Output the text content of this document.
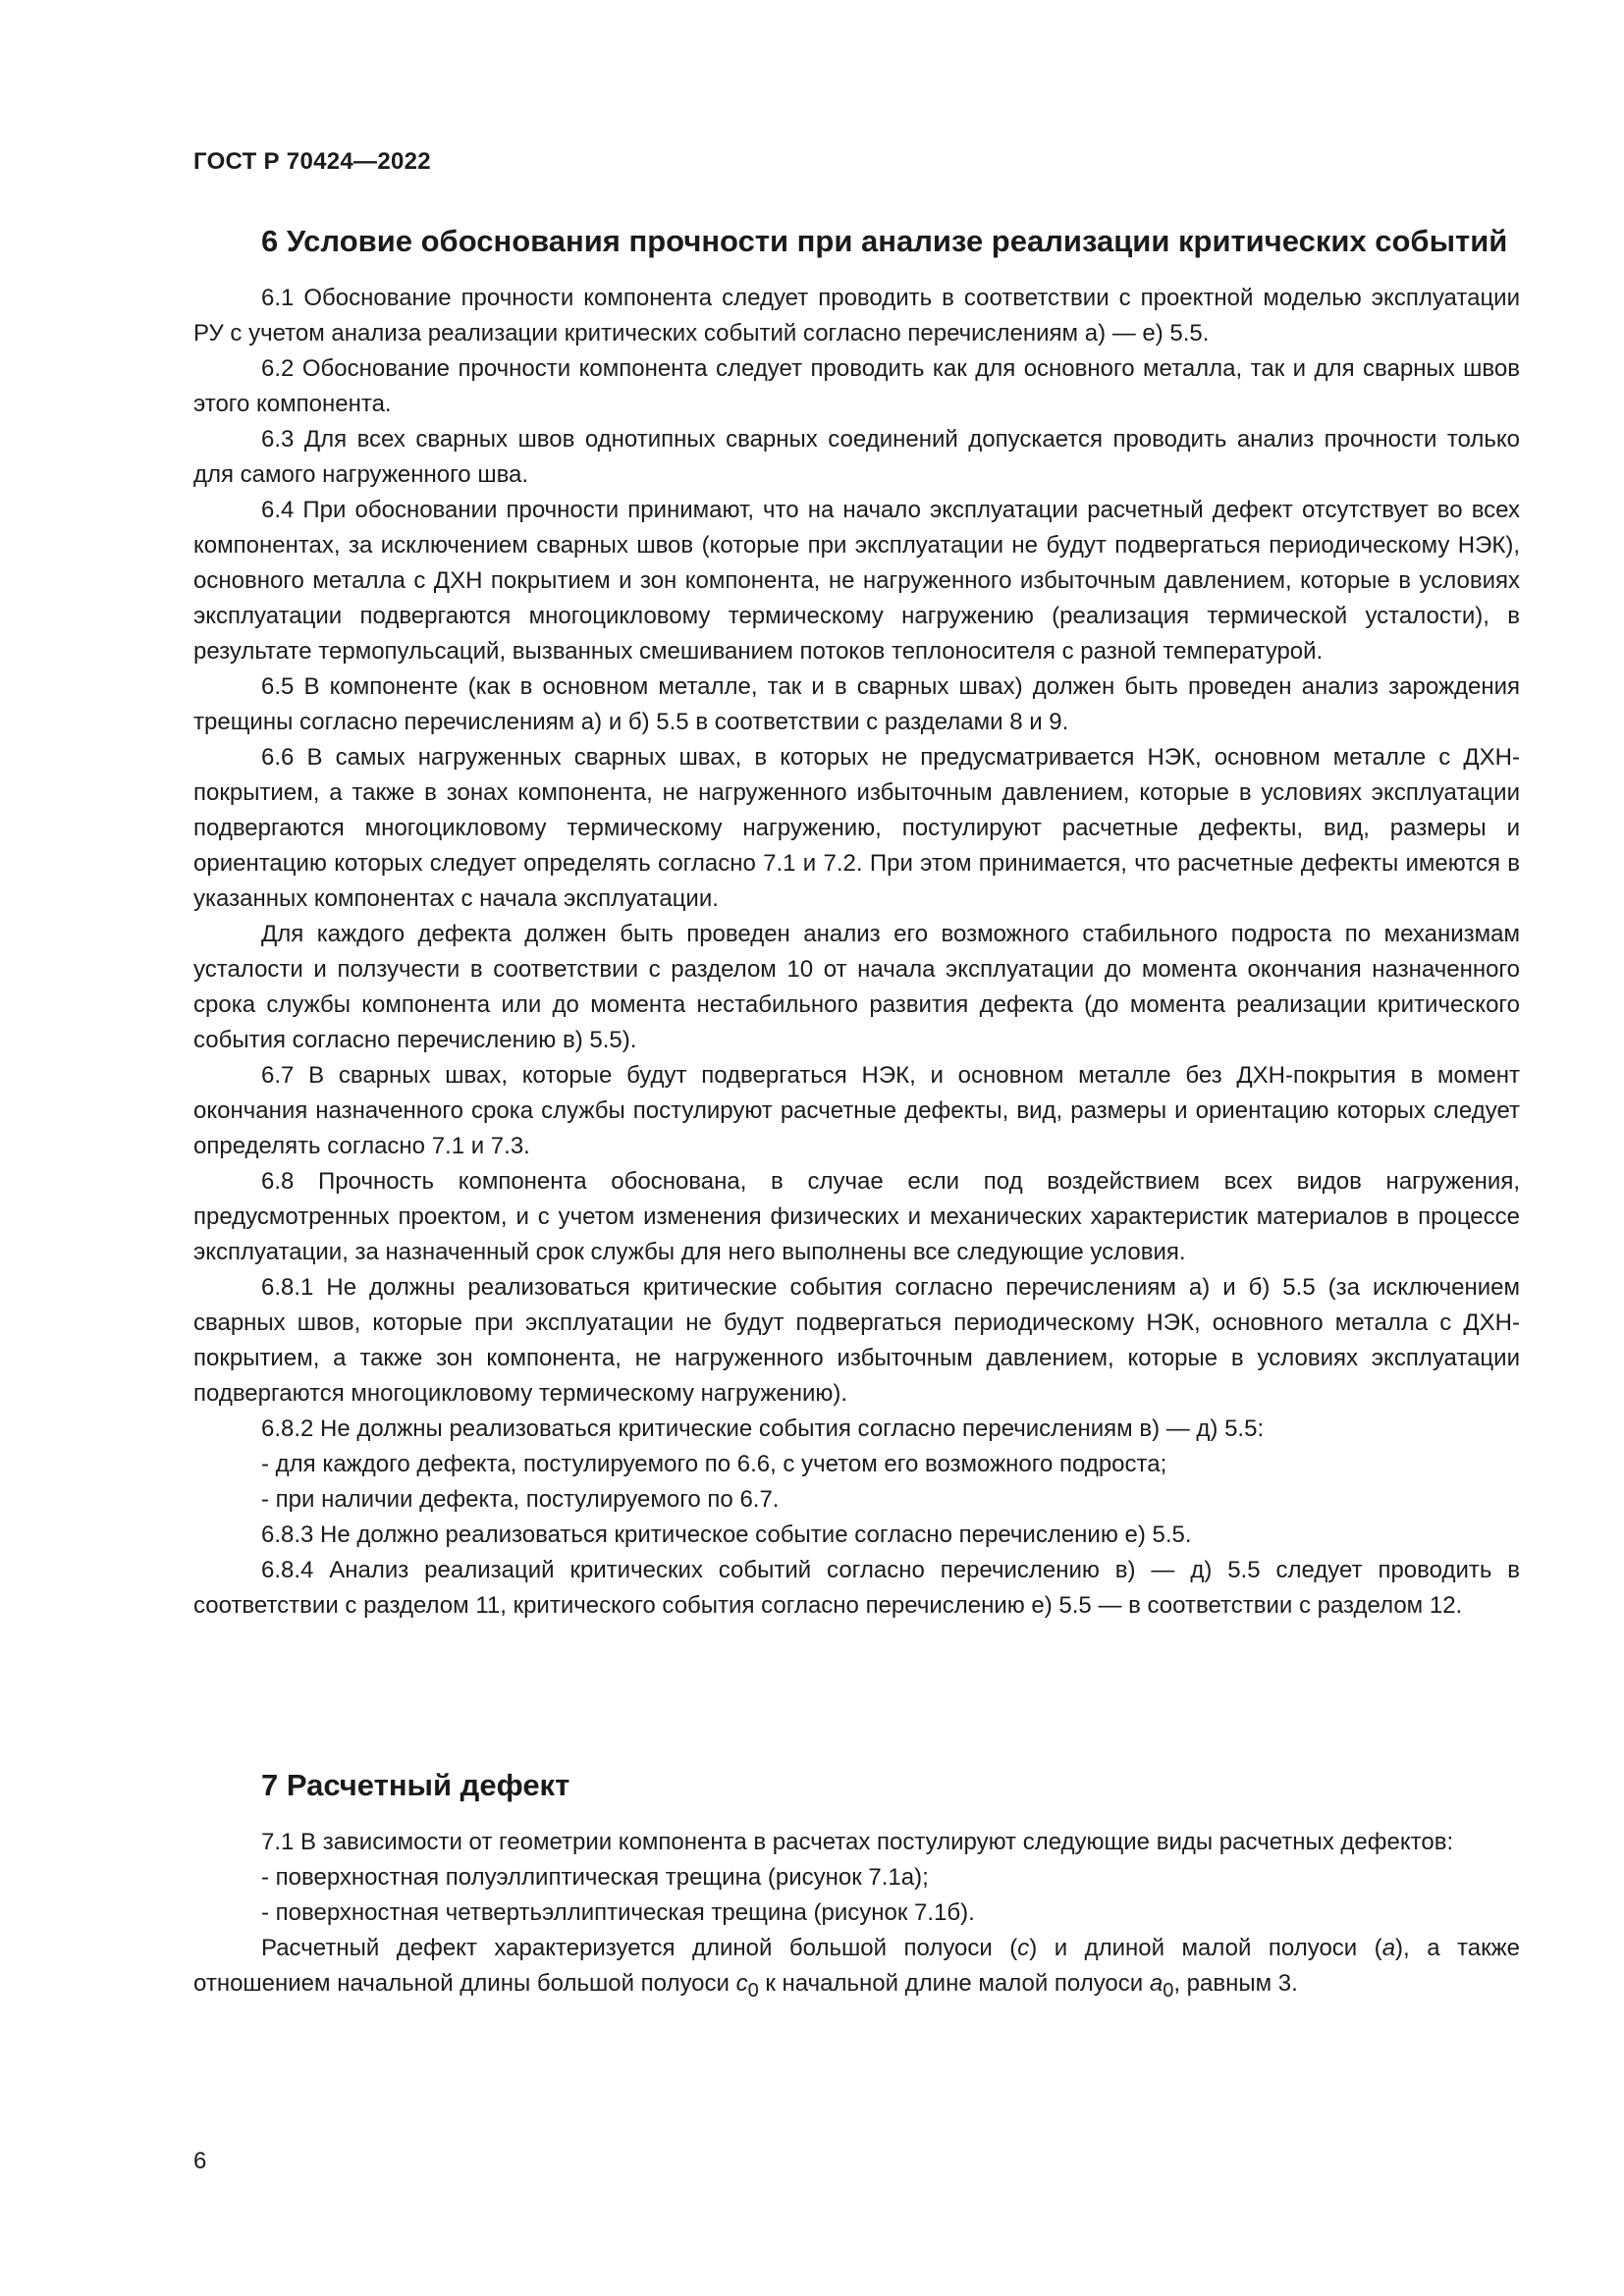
ГОСТ Р 70424—2022
6 Условие обоснования прочности при анализе реализации критических событий

6.1 Обоснование прочности компонента следует проводить в соответствии с проектной моделью эксплуатации РУ с учетом анализа реализации критических событий согласно перечислениям а) — е) 5.5.

6.2 Обоснование прочности компонента следует проводить как для основного металла, так и для сварных швов этого компонента.

6.3 Для всех сварных швов однотипных сварных соединений допускается проводить анализ прочности только для самого нагруженного шва.

6.4 При обосновании прочности принимают, что на начало эксплуатации расчетный дефект отсутствует во всех компонентах, за исключением сварных швов (которые при эксплуатации не будут подвергаться периодическому НЭК), основного металла с ДХН покрытием и зон компонента, не нагруженного избыточным давлением, которые в условиях эксплуатации подвергаются многоцикловому термическому нагружению (реализация термической усталости), в результате термопульсаций, вызванных смешиванием потоков теплоносителя с разной температурой.

6.5 В компоненте (как в основном металле, так и в сварных швах) должен быть проведен анализ зарождения трещины согласно перечислениям а) и б) 5.5 в соответствии с разделами 8 и 9.

6.6 В самых нагруженных сварных швах, в которых не предусматривается НЭК, основном металле с ДХН-покрытием, а также в зонах компонента, не нагруженного избыточным давлением, которые в условиях эксплуатации подвергаются многоцикловому термическому нагружению, постулируют расчетные дефекты, вид, размеры и ориентацию которых следует определять согласно 7.1 и 7.2. При этом принимается, что расчетные дефекты имеются в указанных компонентах с начала эксплуатации.

Для каждого дефекта должен быть проведен анализ его возможного стабильного подроста по механизмам усталости и ползучести в соответствии с разделом 10 от начала эксплуатации до момента окончания назначенного срока службы компонента или до момента нестабильного развития дефекта (до момента реализации критического события согласно перечислению в) 5.5).

6.7 В сварных швах, которые будут подвергаться НЭК, и основном металле без ДХН-покрытия в момент окончания назначенного срока службы постулируют расчетные дефекты, вид, размеры и ориентацию которых следует определять согласно 7.1 и 7.3.

6.8 Прочность компонента обоснована, в случае если под воздействием всех видов нагружения, предусмотренных проектом, и с учетом изменения физических и механических характеристик материалов в процессе эксплуатации, за назначенный срок службы для него выполнены все следующие условия.

6.8.1 Не должны реализоваться критические события согласно перечислениям а) и б) 5.5 (за исключением сварных швов, которые при эксплуатации не будут подвергаться периодическому НЭК, основного металла с ДХН-покрытием, а также зон компонента, не нагруженного избыточным давлением, которые в условиях эксплуатации подвергаются многоцикловому термическому нагружению).

6.8.2 Не должны реализоваться критические события согласно перечислениям в) — д) 5.5:

- для каждого дефекта, постулируемого по 6.6, с учетом его возможного подроста;

- при наличии дефекта, постулируемого по 6.7.

6.8.3 Не должно реализоваться критическое событие согласно перечислению е) 5.5.

6.8.4 Анализ реализаций критических событий согласно перечислению в) — д) 5.5 следует проводить в соответствии с разделом 11, критического события согласно перечислению е) 5.5 — в соответствии с разделом 12.

7 Расчетный дефект

7.1 В зависимости от геометрии компонента в расчетах постулируют следующие виды расчетных дефектов:

- поверхностная полуэллиптическая трещина (рисунок 7.1а);

- поверхностная четвертьэллиптическая трещина (рисунок 7.1б).

Расчетный дефект характеризуется длиной большой полуоси (c) и длиной малой полуоси (a), а также отношением начальной длины большой полуоси $c_0$ к начальной длине малой полуоси $a_0$, равным 3.

6
